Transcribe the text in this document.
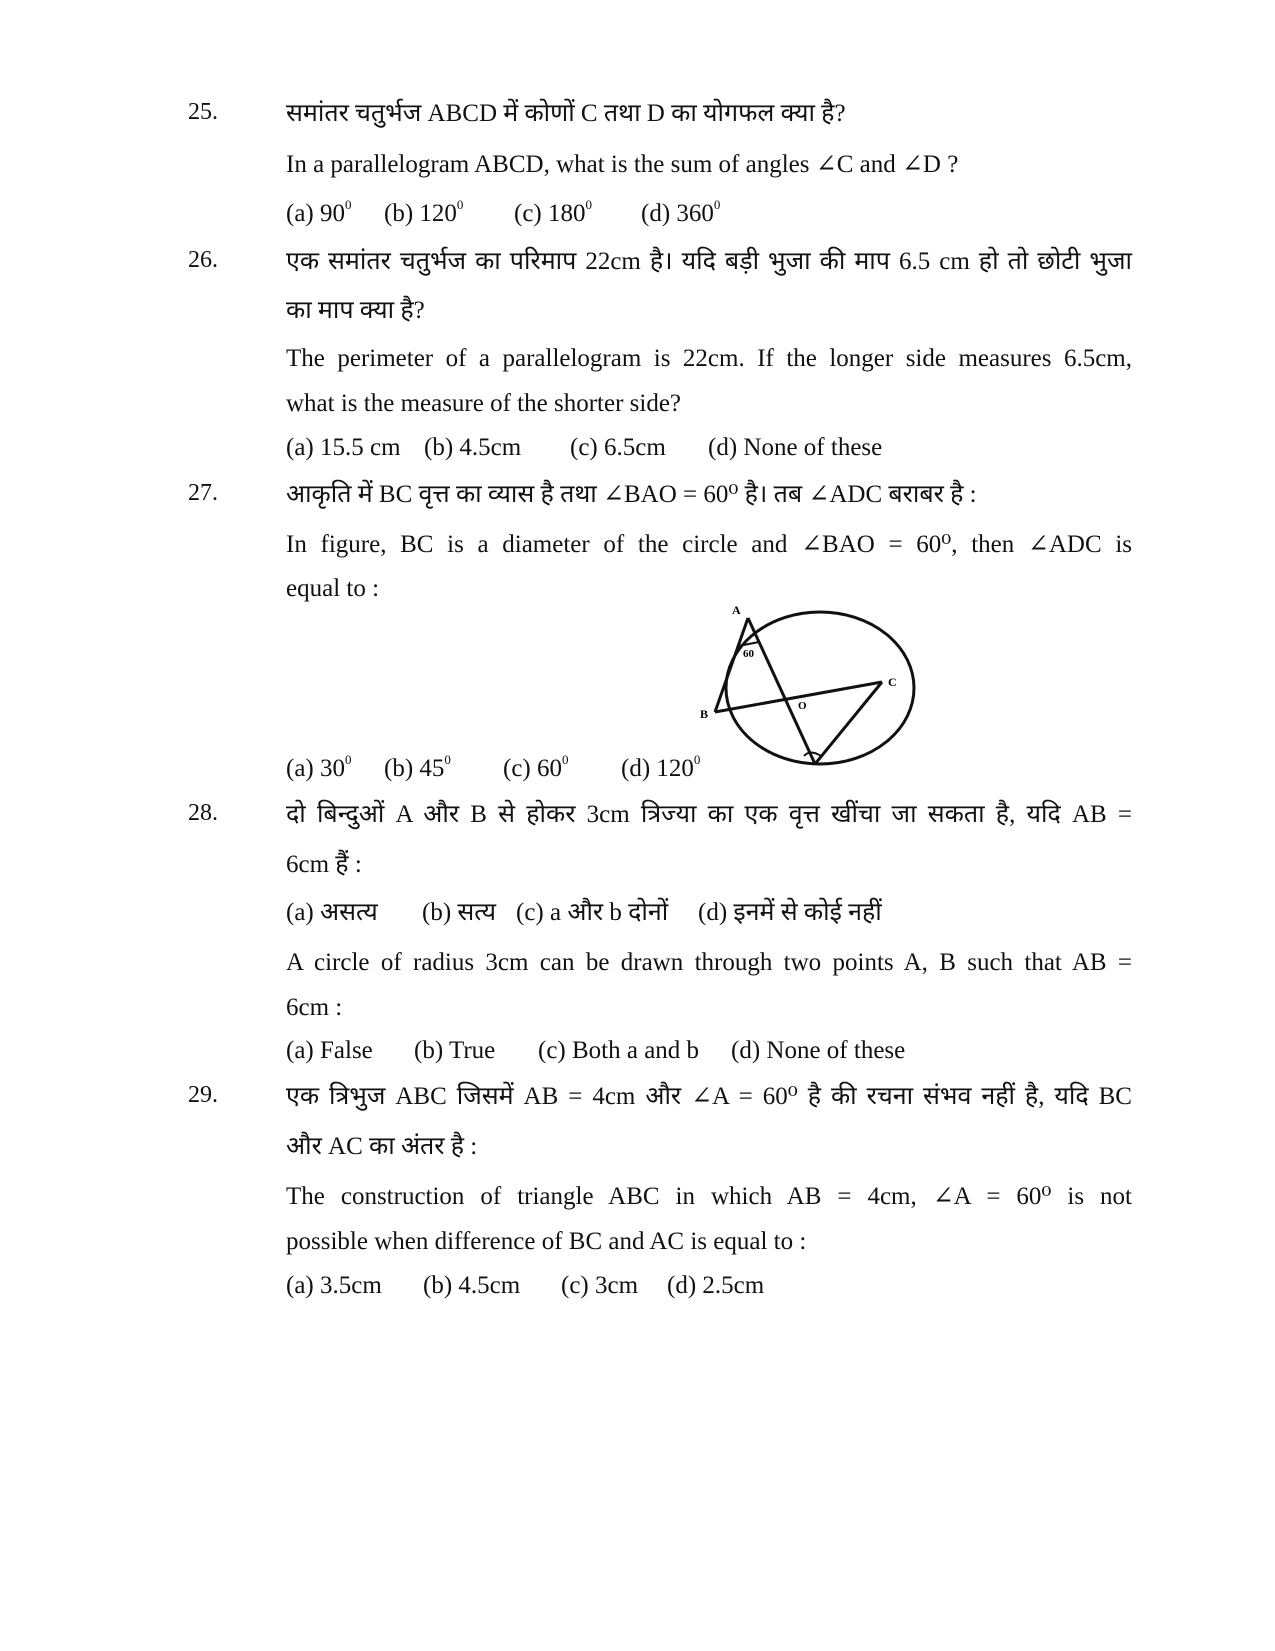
25.	समांतर चतुर्भज ABCD में कोणों C तथा D का योगफल क्या है?
In a parallelogram ABCD, what is the sum of angles ∠C and ∠D ?
(a) $90^0$ (b) $120^0$ (c) $180^0$ (d) $360^0$
26.	एक समांतर चतुर्भज का परिमाप 22cm है। यदि बड़ी भुजा की माप 6.5 cm हो तो छोटी भुजा
का माप क्या है?
The perimeter of a parallelogram is 22cm. If the longer side measures 6.5cm,
what is the measure of the shorter side?
(a) 15.5 cm (b) 4.5cm (c) 6.5cm (d) None of these
27.	आकृति में BC वृत्त का व्यास है तथा ∠BAO = 60⁰ है। तब ∠ADC बराबर है :
In figure, BC is a diameter of the circle and ∠BAO = 60⁰, then ∠ADC is
equal to :
A
B
C
O
60
(a) $30^0$ (b) $45^0$ (c) $60^0$ (d) $120^0$
28.	दो बिन्दुओं A और B से होकर 3cm त्रिज्या का एक वृत्त खींचा जा सकता है, यदि AB =
6cm हैं :
(a) असत्य (b) सत्य (c) a और b दोनों (d) इनमें से कोई नहीं
A circle of radius 3cm can be drawn through two points A, B such that AB =
6cm :
(a) False (b) True (c) Both a and b (d) None of these
29.	एक त्रिभुज ABC जिसमें AB = 4cm और ∠A = 60⁰ है की रचना संभव नहीं है, यदि BC
और AC का अंतर है :
The construction of triangle ABC in which AB = 4cm, ∠A = 60⁰ is not
possible when difference of BC and AC is equal to :
(a) 3.5cm (b) 4.5cm (c) 3cm (d) 2.5cm
